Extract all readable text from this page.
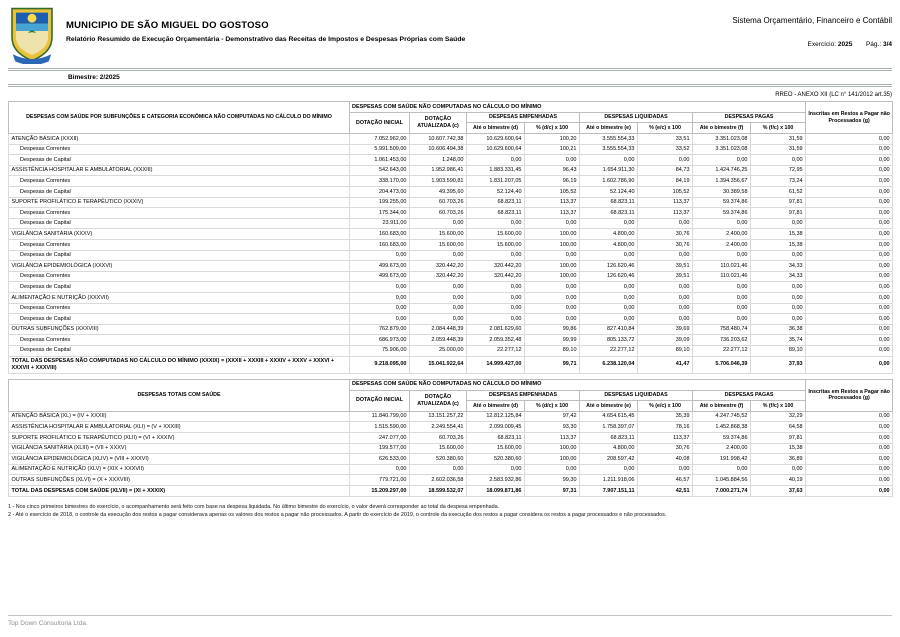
MUNICIPIO DE SÃO MIGUEL DO GOSTOSO
Relatório Resumido de Execução Orçamentária - Demonstrativo das Receitas de Impostos e Despesas Próprias com Saúde
Sistema Orçamentário, Financeiro e Contábil
Exercício: 2025 Pág.: 3/4
Bimestre: 2/2025
RREO - ANEXO XII (LC n° 141/2012 art.35)
DESPESAS COM SAÚDE POR SUBFUNÇÕES E CATEGORIA ECONÔMICA NÃO COMPUTADAS NO CÁLCULO DO MÍNIMO	DESPESAS COM SAÚDE NÃO COMPUTADAS NO CÁLCULO DO MÍNIMO								Inscritas em Restos a Pagar não Processados (g)
	DOTAÇÃO INICIAL	DOTAÇÃO ATUALIZADA (c)	DESPESAS EMPENHADAS		DESPESAS LIQUIDADAS		DESPESAS PAGAS		
			Até o bimestre (d)	% (d/c) x 100	Até o bimestre (e)	% (e/c) x 100	Até o bimestre (f)	% (f/c) x 100	
ATENÇÃO BÁSICA (XXXII)	7.052.962,00	10.607.742,38	10.629.600,64	100,20	3.555.554,33	33,51	3.351.023,08	31,59	0,00
Despesas Correntes	5.991.509,00	10.606.494,38	10.629.600,64	100,21	3.555.554,33	33,52	3.351.023,08	31,59	0,00
Despesas de Capital	1.061.453,00	1.248,00	0,00	0,00	0,00	0,00	0,00	0,00	0,00
ASSISTÊNCIA HOSPITALAR E AMBULATORIAL (XXXIII)	542.643,00	1.952.986,41	1.883.331,45	96,43	1.654.911,30	84,73	1.424.746,25	72,95	0,00
Despesas Correntes	338.170,00	1.903.590,81	1.831.207,05	96,19	1.602.786,90	84,19	1.394.356,67	73,24	0,00
Despesas de Capital	204.473,00	49.395,60	52.124,40	105,52	52.124,40	105,52	30.389,58	61,52	0,00
SUPORTE PROFILÁTICO E TERAPÊUTICO (XXXIV)	199.255,00	60.703,26	68.823,11	113,37	68.823,11	113,37	59.374,86	97,81	0,00
Despesas Correntes	175.344,00	60.703,26	68.823,11	113,37	68.823,11	113,37	59.374,86	97,81	0,00
Despesas de Capital	23.911,00	0,00	0,00	0,00	0,00	0,00	0,00	0,00	0,00
VIGILÂNCIA SANITÁRIA (XXXV)	160.683,00	15.600,00	15.600,00	100,00	4.800,00	30,76	2.400,00	15,38	0,00
Despesas Correntes	160.683,00	15.600,00	15.600,00	100,00	4.800,00	30,76	2.400,00	15,38	0,00
Despesas de Capital	0,00	0,00	0,00	0,00	0,00	0,00	0,00	0,00	0,00
VIGILÂNCIA EPIDEMIOLÓGICA (XXXVI)	499.673,00	320.442,20	320.442,20	100,00	126.620,46	39,51	110.021,46	34,33	0,00
Despesas Correntes	499.673,00	320.442,20	320.442,20	100,00	126.620,46	39,51	110.021,46	34,33	0,00
Despesas de Capital	0,00	0,00	0,00	0,00	0,00	0,00	0,00	0,00	0,00
ALIMENTAÇÃO E NUTRIÇÃO (XXXVII)	0,00	0,00	0,00	0,00	0,00	0,00	0,00	0,00	0,00
Despesas Correntes	0,00	0,00	0,00	0,00	0,00	0,00	0,00	0,00	0,00
Despesas de Capital	0,00	0,00	0,00	0,00	0,00	0,00	0,00	0,00	0,00
OUTRAS SUBFUNÇÕES (XXXVIII)	762.879,00	2.084.448,39	2.081.629,60	99,86	827.410,84	39,69	758.480,74	36,38	0,00
Despesas Correntes	686.973,00	2.059.448,39	2.059.352,48	99,99	805.133,72	39,09	736.203,62	35,74	0,00
Despesas de Capital	75.906,00	25.000,00	22.277,12	89,10	22.277,12	89,10	22.277,12	89,10	0,00
TOTAL DAS DESPESAS NÃO COMPUTADAS NO CÁLCULO DO MÍNIMO (XXXIX) = (XXXII + XXXIII + XXXIV + XXXV + XXXVI + XXXVII + XXXVIII)	9.218.095,00	15.041.922,64	14.999.427,00	99,71	6.238.120,04	41,47	5.706.046,39	37,93	0,00
DESPESAS TOTAIS COM SAÚDE	DESPESAS COM SAÚDE NÃO COMPUTADAS NO CÁLCULO DO MÍNIMO								Inscritas em Restos a Pagar não Processados (g)
	DOTAÇÃO INICIAL	DOTAÇÃO ATUALIZADA (c)	DESPESAS EMPENHADAS		DESPESAS LIQUIDADAS		DESPESAS PAGAS		
			Até o bimestre (d)	% (d/c) x 100	Até o bimestre (e)	% (e/c) x 100	Até o bimestre (f)	% (f/c) x 100	
ATENÇÃO BÁSICA (XL) = (IV + XXXII)	11.840.799,00	13.151.257,22	12.812.125,84	97,42	4.654.615,45	35,39	4.247.745,52	32,29	0,00
ASSISTÊNCIA HOSPITALAR E AMBULATORIAL (XLI) = (V + XXXIII)	1.515.590,00	2.249.554,41	2.099.009,45	93,30	1.758.397,07	78,16	1.452.868,38	64,58	0,00
SUPORTE PROFILÁTICO E TERAPÊUTICO (XLII) = (VI + XXXIV)	247.077,00	60.703,26	68.823,11	113,37	68.823,11	113,37	59.374,86	97,81	0,00
VIGILÂNCIA SANITÁRIA (XLIII) = (VII + XXXV)	199.577,00	15.600,00	15.600,00	100,00	4.800,00	30,76	2.400,00	15,38	0,00
VIGILÂNCIA EPIDEMIOLÓGICA (XLIV) = (VIII + XXXVI)	626.533,00	520.380,60	520.380,60	100,00	208.597,42	40,08	191.998,42	36,89	0,00
ALIMENTAÇÃO E NUTRIÇÃO (XLV) = (XIX + XXXVII)	0,00	0,00	0,00	0,00	0,00	0,00	0,00	0,00	0,00
OUTRAS SUBFUNÇÕES (XLVI) = (X + XXXVIII)	779.721,00	2.602.036,58	2.583.932,86	99,30	1.211.918,06	46,57	1.045.884,56	40,19	0,00
TOTAL DAS DESPESAS COM SAÚDE (XLVII) = (XI + XXXIX)	15.209.297,00	18.599.532,07	18.099.871,86	97,31	7.907.151,11	42,51	7.000.271,74	37,63	0,00
1 - Nos cinco primeiros bimestres do exercício, o acompanhamento será feito com base na despesa liquidada. No último bimestre do exercício, o valor deverá corresponder ao total da despesa empenhada.
2 - Até o exercício de 2018, o controle da execução dos restos a pagar considerava apenas os valores dos restos a pagar não processados. A partir do exercício de 2019, o controle da execução dos restos a pagar considera os restos a pagar processados e não processados.
Top Down Consultoria Ltda.
